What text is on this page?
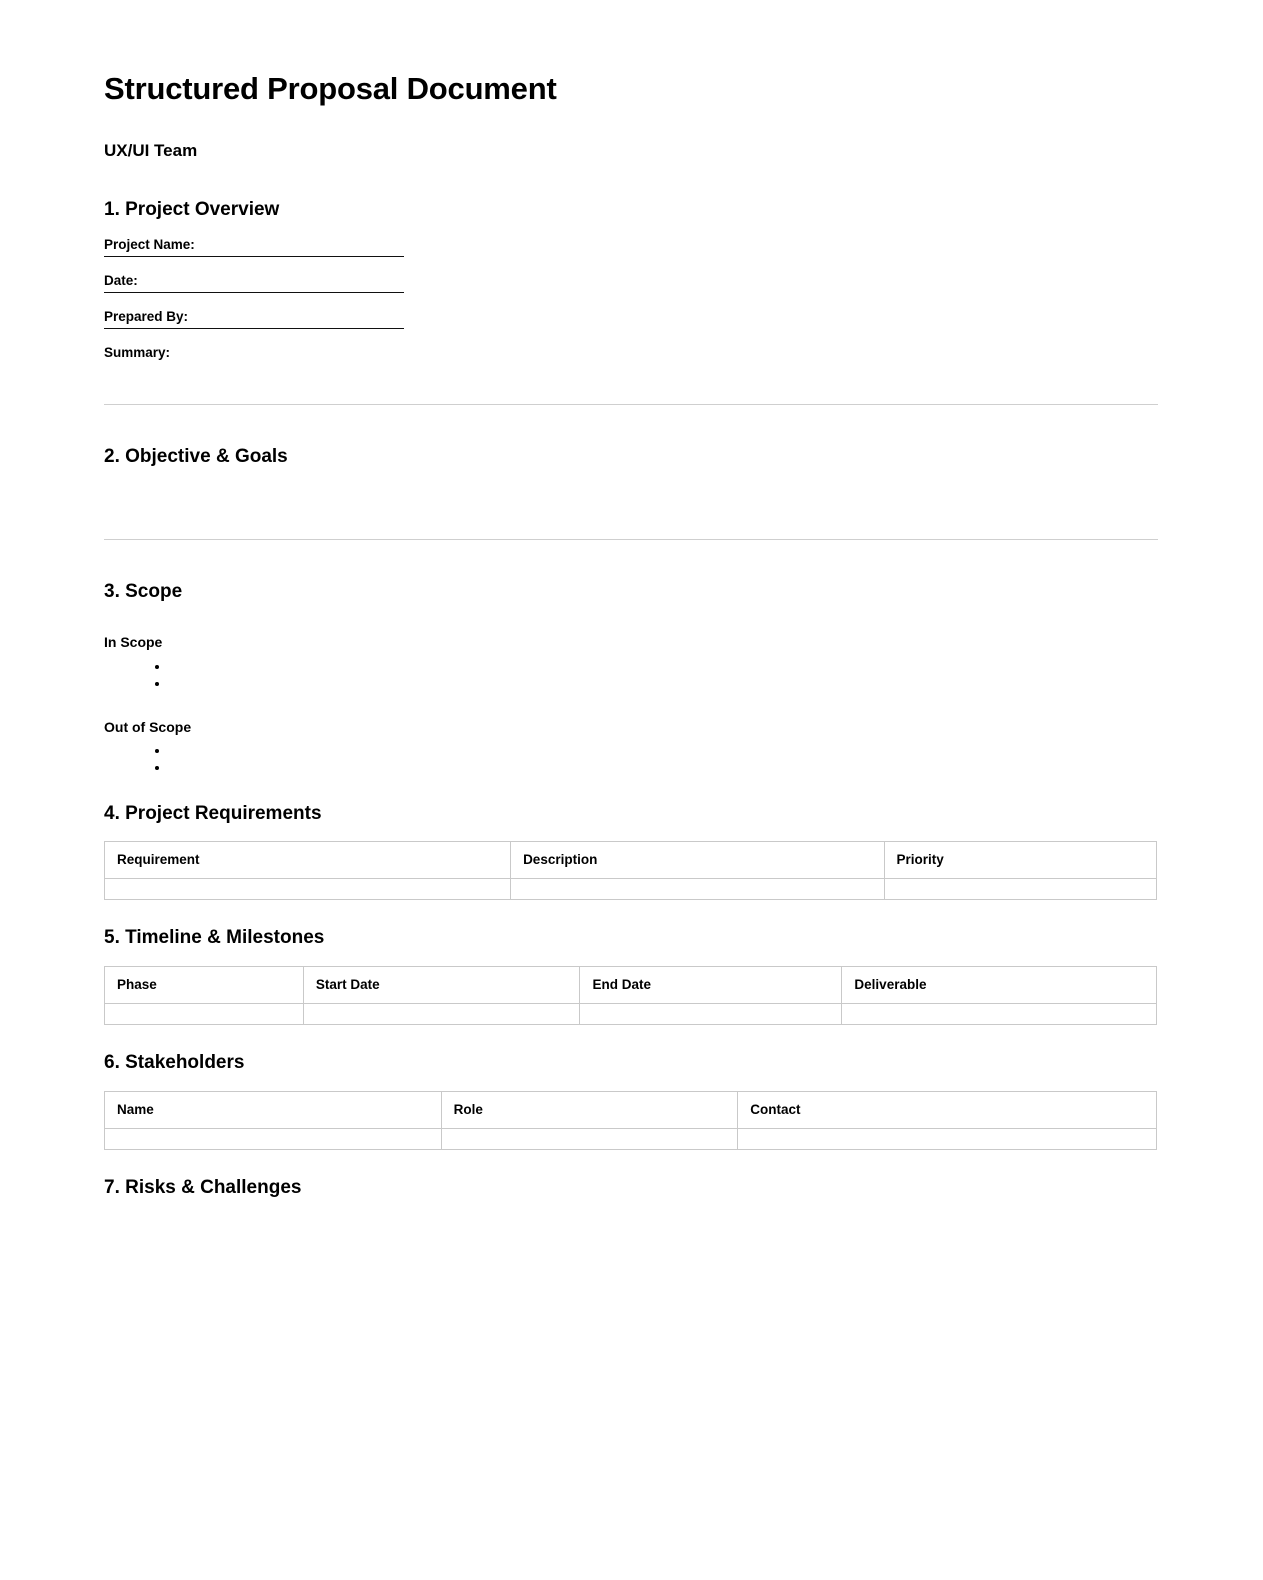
Structured Proposal Document
UX/UI Team
1. Project Overview
Project Name:
Date:
Prepared By:
Summary:
2. Objective & Goals
3. Scope
In Scope
Out of Scope
4. Project Requirements
Requirement	Description	Priority

5. Timeline & Milestones
Phase	Start Date	End Date	Deliverable

6. Stakeholders
Name	Role	Contact

7. Risks & Challenges
